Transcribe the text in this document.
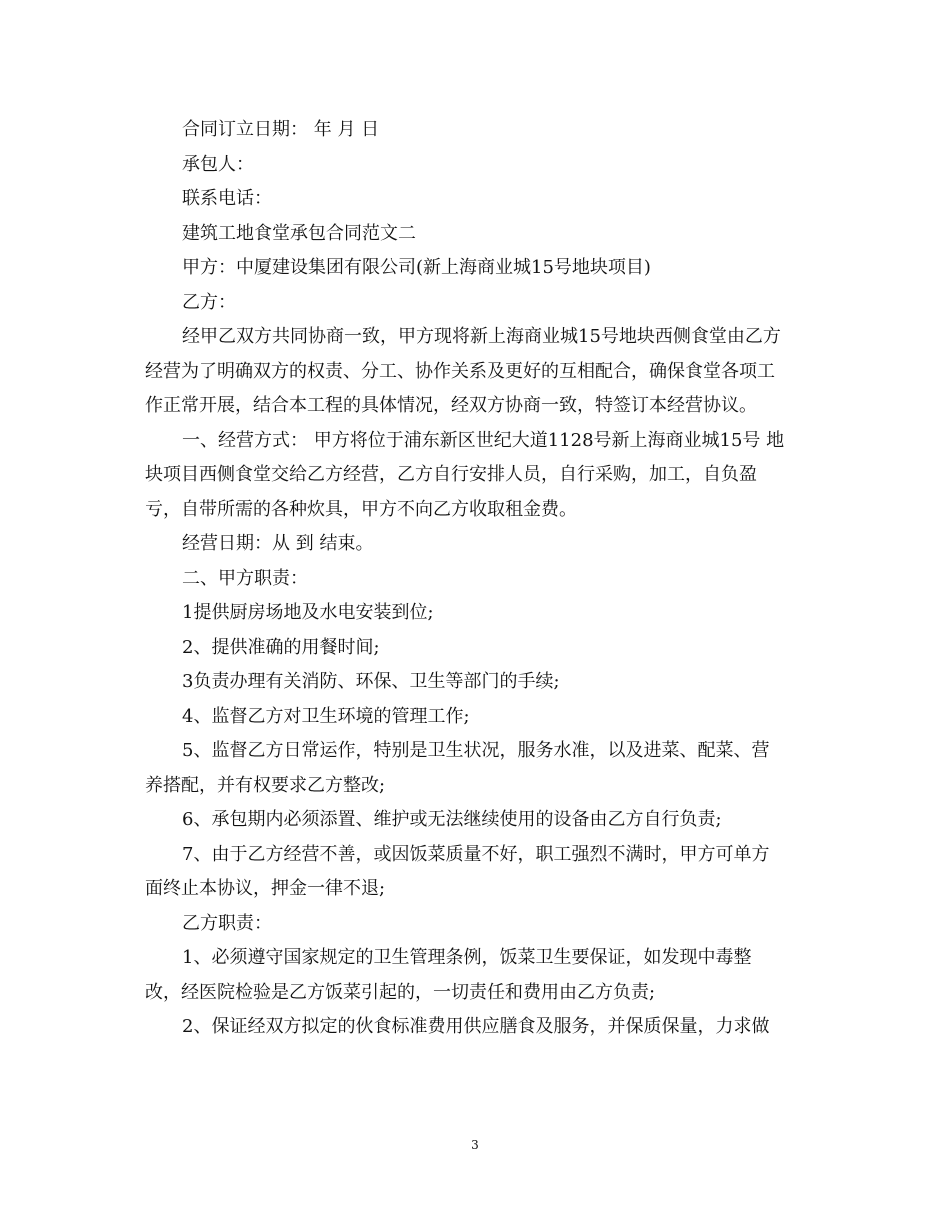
合同订立日期： 年 月 日

承包人：

联系电话：

建筑工地食堂承包合同范文二

甲方：中厦建设集团有限公司(新上海商业城15号地块项目)

乙方：

经甲乙双方共同协商一致，甲方现将新上海商业城15号地块西侧食堂由乙方

经营为了明确双方的权责、分工、协作关系及更好的互相配合，确保食堂各项工

作正常开展，结合本工程的具体情况，经双方协商一致，特签订本经营协议。

一、经营方式： 甲方将位于浦东新区世纪大道1128号新上海商业城15号 地

块项目西侧食堂交给乙方经营，乙方自行安排人员，自行采购，加工，自负盈

亏，自带所需的各种炊具，甲方不向乙方收取租金费。

经营日期：从 到 结束。

二、甲方职责：

1提供厨房场地及水电安装到位;

2、提供准确的用餐时间;

3负责办理有关消防、环保、卫生等部门的手续;

4、监督乙方对卫生环境的管理工作;

5、监督乙方日常运作，特别是卫生状况，服务水准，以及进菜、配菜、营

养搭配，并有权要求乙方整改;

6、承包期内必须添置、维护或无法继续使用的设备由乙方自行负责;

7、由于乙方经营不善，或因饭菜质量不好，职工强烈不满时，甲方可单方

面终止本协议，押金一律不退;

乙方职责：

1、必须遵守国家规定的卫生管理条例，饭菜卫生要保证，如发现中毒整

改，经医院检验是乙方饭菜引起的，一切责任和费用由乙方负责;

2、保证经双方拟定的伙食标准费用供应膳食及服务，并保质保量，力求做

3
